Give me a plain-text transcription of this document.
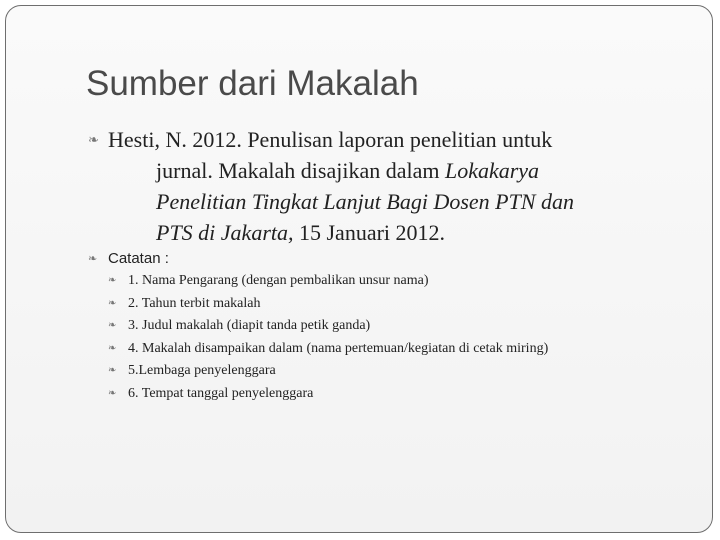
Sumber dari Makalah
❧ Hesti, N. 2012. Penulisan laporan penelitian untuk
jurnal. Makalah disajikan dalam Lokakarya
Penelitian Tingkat Lanjut Bagi Dosen PTN dan
PTS di Jakarta, 15 Januari 2012.
❧ Catatan :
❧ 1. Nama Pengarang (dengan pembalikan unsur nama)
❧ 2. Tahun terbit makalah
❧ 3. Judul makalah (diapit tanda petik ganda)
❧ 4. Makalah disampaikan dalam (nama pertemuan/kegiatan di cetak miring)
❧ 5.Lembaga penyelenggara
❧ 6. Tempat tanggal penyelenggara
